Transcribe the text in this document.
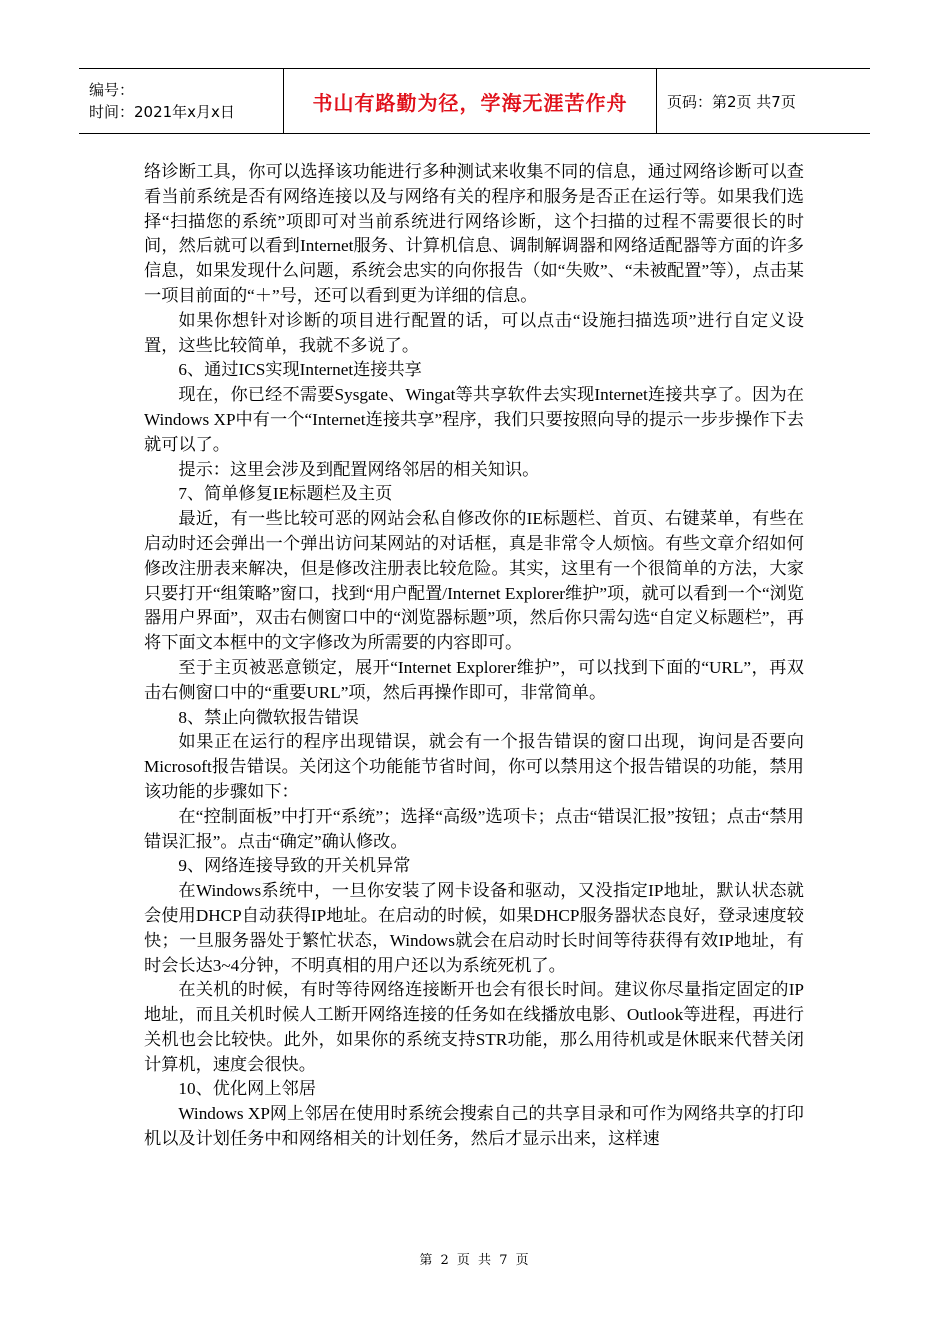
编号：
时间：2021年x月x日	书山有路勤为径，学海无涯苦作舟	页码：第2页 共7页

络诊断工具，你可以选择该功能进行多种测试来收集不同的信息，通过网络诊断可以查看当前系统是否有网络连接以及与网络有关的程序和服务是否正在运行等。如果我们选择“扫描您的系统”项即可对当前系统进行网络诊断，这个扫描的过程不需要很长的时间，然后就可以看到Internet服务、计算机信息、调制解调器和网络适配器等方面的许多信息，如果发现什么问题，系统会忠实的向你报告（如“失败”、“未被配置”等），点击某一项目前面的“＋”号，还可以看到更为详细的信息。

如果你想针对诊断的项目进行配置的话，可以点击“设施扫描选项”进行自定义设置，这些比较简单，我就不多说了。

6、通过ICS实现Internet连接共享

现在，你已经不需要Sysgate、Wingat等共享软件去实现Internet连接共享了。因为在Windows XP中有一个“Internet连接共享”程序，我们只要按照向导的提示一步步操作下去就可以了。

提示：这里会涉及到配置网络邻居的相关知识。

7、简单修复IE标题栏及主页

最近，有一些比较可恶的网站会私自修改你的IE标题栏、首页、右键菜单，有些在启动时还会弹出一个弹出访问某网站的对话框，真是非常令人烦恼。有些文章介绍如何修改注册表来解决，但是修改注册表比较危险。其实，这里有一个很简单的方法，大家只要打开“组策略”窗口，找到“用户配置/Internet Explorer维护”项，就可以看到一个“浏览器用户界面”，双击右侧窗口中的“浏览器标题”项，然后你只需勾选“自定义标题栏”，再将下面文本框中的文字修改为所需要的内容即可。

至于主页被恶意锁定，展开“Internet Explorer维护”，可以找到下面的“URL”，再双击右侧窗口中的“重要URL”项，然后再操作即可，非常简单。

8、禁止向微软报告错误

如果正在运行的程序出现错误，就会有一个报告错误的窗口出现，询问是否要向Microsoft报告错误。关闭这个功能能节省时间，你可以禁用这个报告错误的功能，禁用该功能的步骤如下：

在“控制面板”中打开“系统”；选择“高级”选项卡；点击“错误汇报”按钮；点击“禁用错误汇报”。点击“确定”确认修改。

9、网络连接导致的开关机异常

在Windows系统中，一旦你安装了网卡设备和驱动，又没指定IP地址，默认状态就会使用DHCP自动获得IP地址。在启动的时候，如果DHCP服务器状态良好，登录速度较快；一旦服务器处于繁忙状态，Windows就会在启动时长时间等待获得有效IP地址，有时会长达3~4分钟，不明真相的用户还以为系统死机了。

在关机的时候，有时等待网络连接断开也会有很长时间。建议你尽量指定固定的IP地址，而且关机时候人工断开网络连接的任务如在线播放电影、Outlook等进程，再进行关机也会比较快。此外，如果你的系统支持STR功能，那么用待机或是休眠来代替关闭计算机，速度会很快。

10、优化网上邻居

Windows XP网上邻居在使用时系统会搜索自己的共享目录和可作为网络共享的打印机以及计划任务中和网络相关的计划任务，然后才显示出来，这样速

第 2 页 共 7 页
